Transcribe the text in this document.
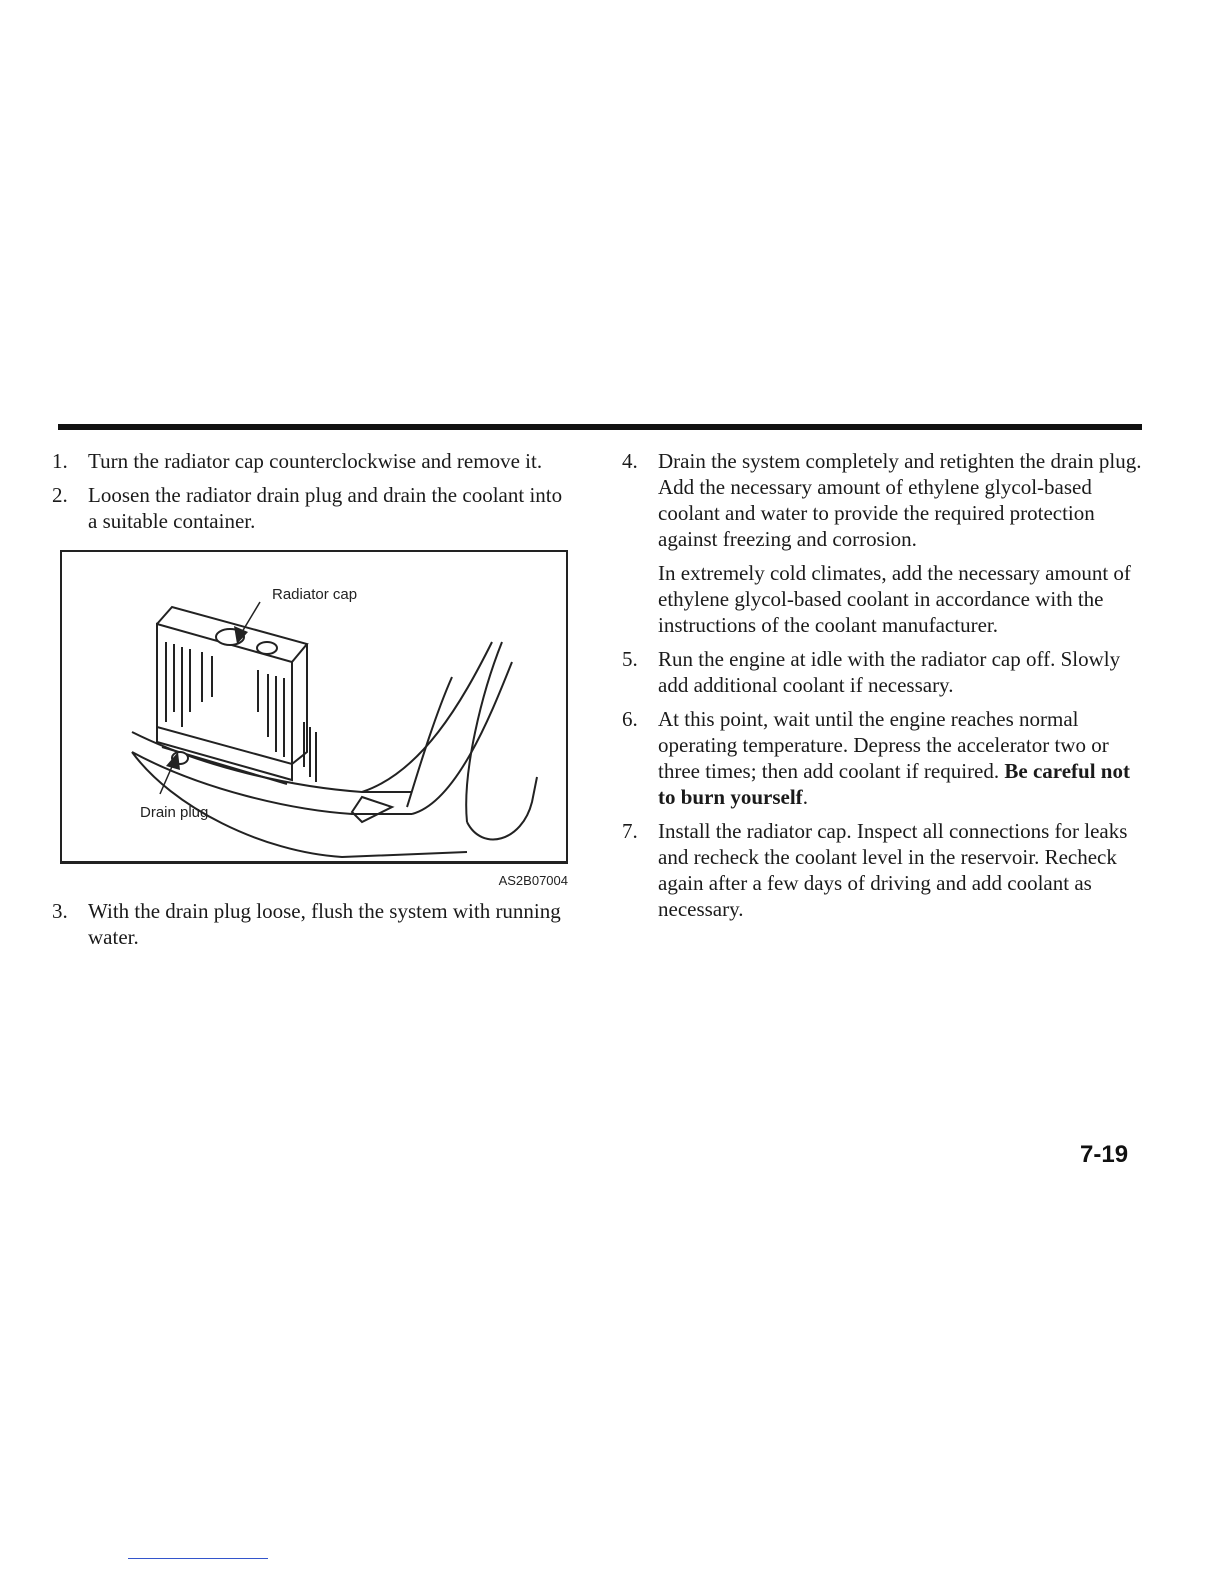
1. Turn the radiator cap counterclockwise and remove it.

2. Loosen the radiator drain plug and drain the coolant into a suitable container.

Radiator cap
Drain plug
AS2B07004
3. With the drain plug loose, flush the system with running water.

4. Drain the system completely and retighten the drain plug. Add the necessary amount of ethylene glycol-based coolant and water to provide the required protection against freezing and corrosion.

In extremely cold climates, add the necessary amount of ethylene glycol-based coolant in accordance with the instructions of the coolant manufacturer.

5. Run the engine at idle with the radiator cap off. Slowly add additional coolant if necessary.

6. At this point, wait until the engine reaches normal operating temperature. Depress the accelerator two or three times; then add coolant if required. Be careful not to burn yourself.

7. Install the radiator cap. Inspect all connections for leaks and recheck the coolant level in the reservoir. Recheck again after a few days of driving and add coolant as necessary.

7-19
